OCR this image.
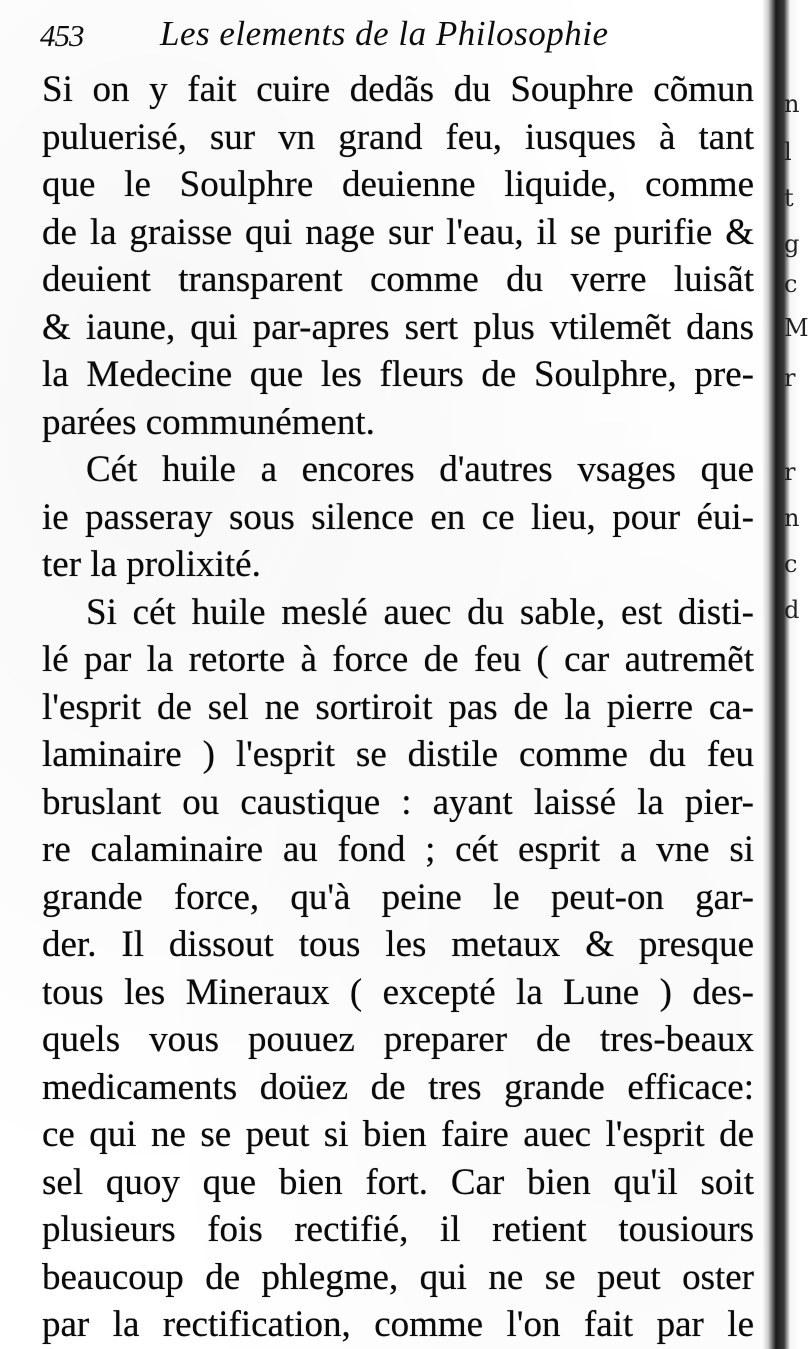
453 Les elements de la Philosophie
Si on y fait cuire dedãs du Souphre cõmun
puluerisé, sur vn grand feu, iusques à tant
que le Soulphre deuienne liquide, comme
de la graisse qui nage sur l'eau, il se purifie &
deuient transparent comme du verre luisãt
& iaune, qui par-apres sert plus vtilemẽt dans
la Medecine que les fleurs de Soulphre, pre-
parées communément.
Cét huile a encores d'autres vsages que
ie passeray sous silence en ce lieu, pour éui-
ter la prolixité.
Si cét huile meslé auec du sable, est disti-
lé par la retorte à force de feu ( car autremẽt
l'esprit de sel ne sortiroit pas de la pierre ca-
laminaire ) l'esprit se distile comme du feu
bruslant ou caustique : ayant laissé la pier-
re calaminaire au fond ; cét esprit a vne si
grande force, qu'à peine le peut-on gar-
der. Il dissout tous les metaux & presque
tous les Mineraux ( excepté la Lune ) des-
quels vous pouuez preparer de tres-beaux
medicaments doüez de tres grande efficace:
ce qui ne se peut si bien faire auec l'esprit de
sel quoy que bien fort. Car bien qu'il soit
plusieurs fois rectifié, il retient tousiours
beaucoup de phlegme, qui ne se peut oster
par la rectification, comme l'on fait par le
n
l
t
g
c
M
r
r
n
c
d
